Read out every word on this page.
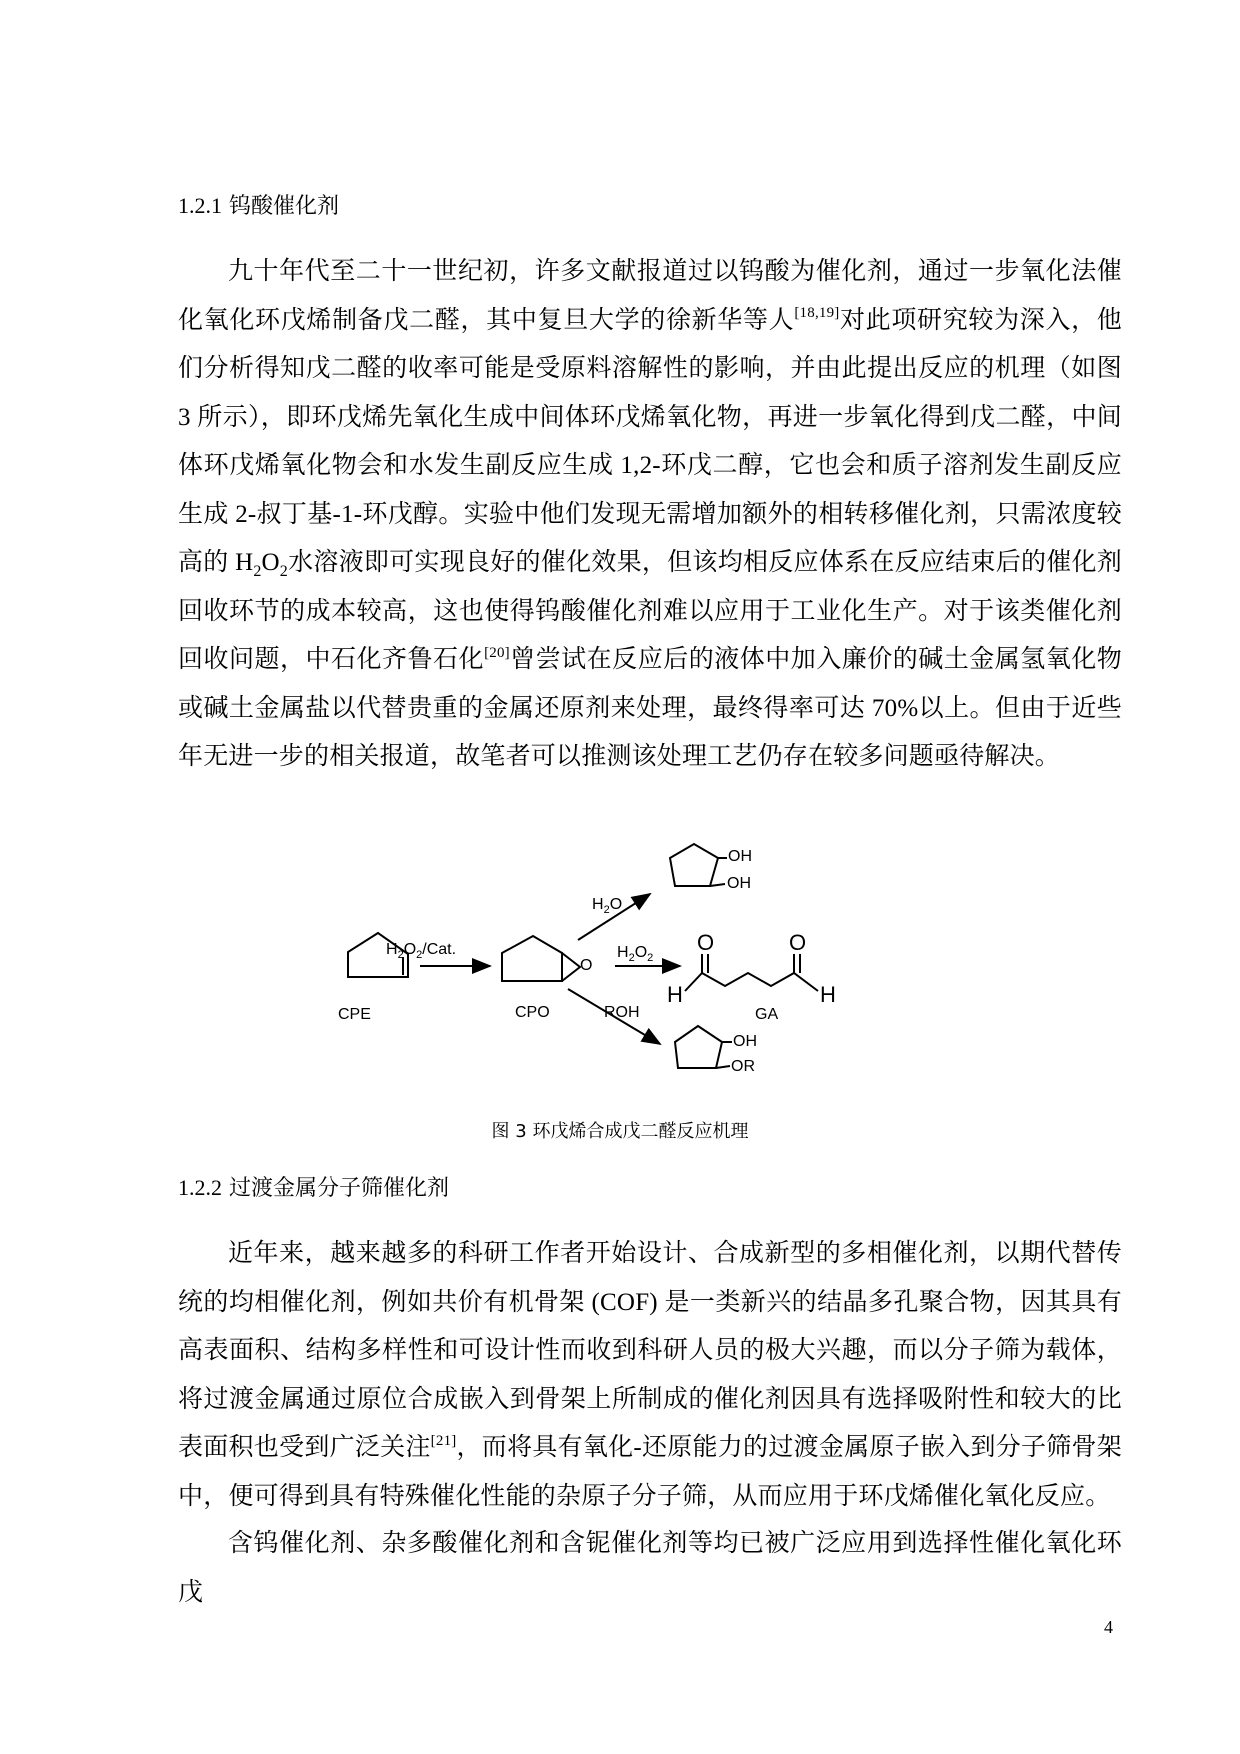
1.2.1 钨酸催化剂

九十年代至二十一世纪初，许多文献报道过以钨酸为催化剂，通过一步氧化法催化氧化环戊烯制备戊二醛，其中复旦大学的徐新华等人[18,19]对此项研究较为深入，他们分析得知戊二醛的收率可能是受原料溶解性的影响，并由此提出反应的机理（如图 3 所示），即环戊烯先氧化生成中间体环戊烯氧化物，再进一步氧化得到戊二醛，中间体环戊烯氧化物会和水发生副反应生成 1,2-环戊二醇，它也会和质子溶剂发生副反应生成 2-叔丁基-1-环戊醇。实验中他们发现无需增加额外的相转移催化剂，只需浓度较高的 $H_2O_2$水溶液即可实现良好的催化效果，但该均相反应体系在反应结束后的催化剂回收环节的成本较高，这也使得钨酸催化剂难以应用于工业化生产。对于该类催化剂回收问题，中石化齐鲁石化[20]曾尝试在反应后的液体中加入廉价的碱土金属氢氧化物或碱土金属盐以代替贵重的金属还原剂来处理，最终得率可达 70%以上。但由于近些年无进一步的相关报道，故笔者可以推测该处理工艺仍存在较多问题亟待解决。

$H_2O_2$/Cat.
CPE	CPO
O
$H_2O$
$H_2O_2$
ROH
OH
OH
OH
OR
O	O
H	H
GA
图 3 环戊烯合成戊二醛反应机理
1.2.2 过渡金属分子筛催化剂

近年来，越来越多的科研工作者开始设计、合成新型的多相催化剂，以期代替传统的均相催化剂，例如共价有机骨架 (COF) 是一类新兴的结晶多孔聚合物，因其具有高表面积、结构多样性和可设计性而收到科研人员的极大兴趣，而以分子筛为载体，将过渡金属通过原位合成嵌入到骨架上所制成的催化剂因具有选择吸附性和较大的比表面积也受到广泛关注[21]，而将具有氧化-还原能力的过渡金属原子嵌入到分子筛骨架中，便可得到具有特殊催化性能的杂原子分子筛，从而应用于环戊烯催化氧化反应。

含钨催化剂、杂多酸催化剂和含铌催化剂等均已被广泛应用到选择性催化氧化环戊

4
